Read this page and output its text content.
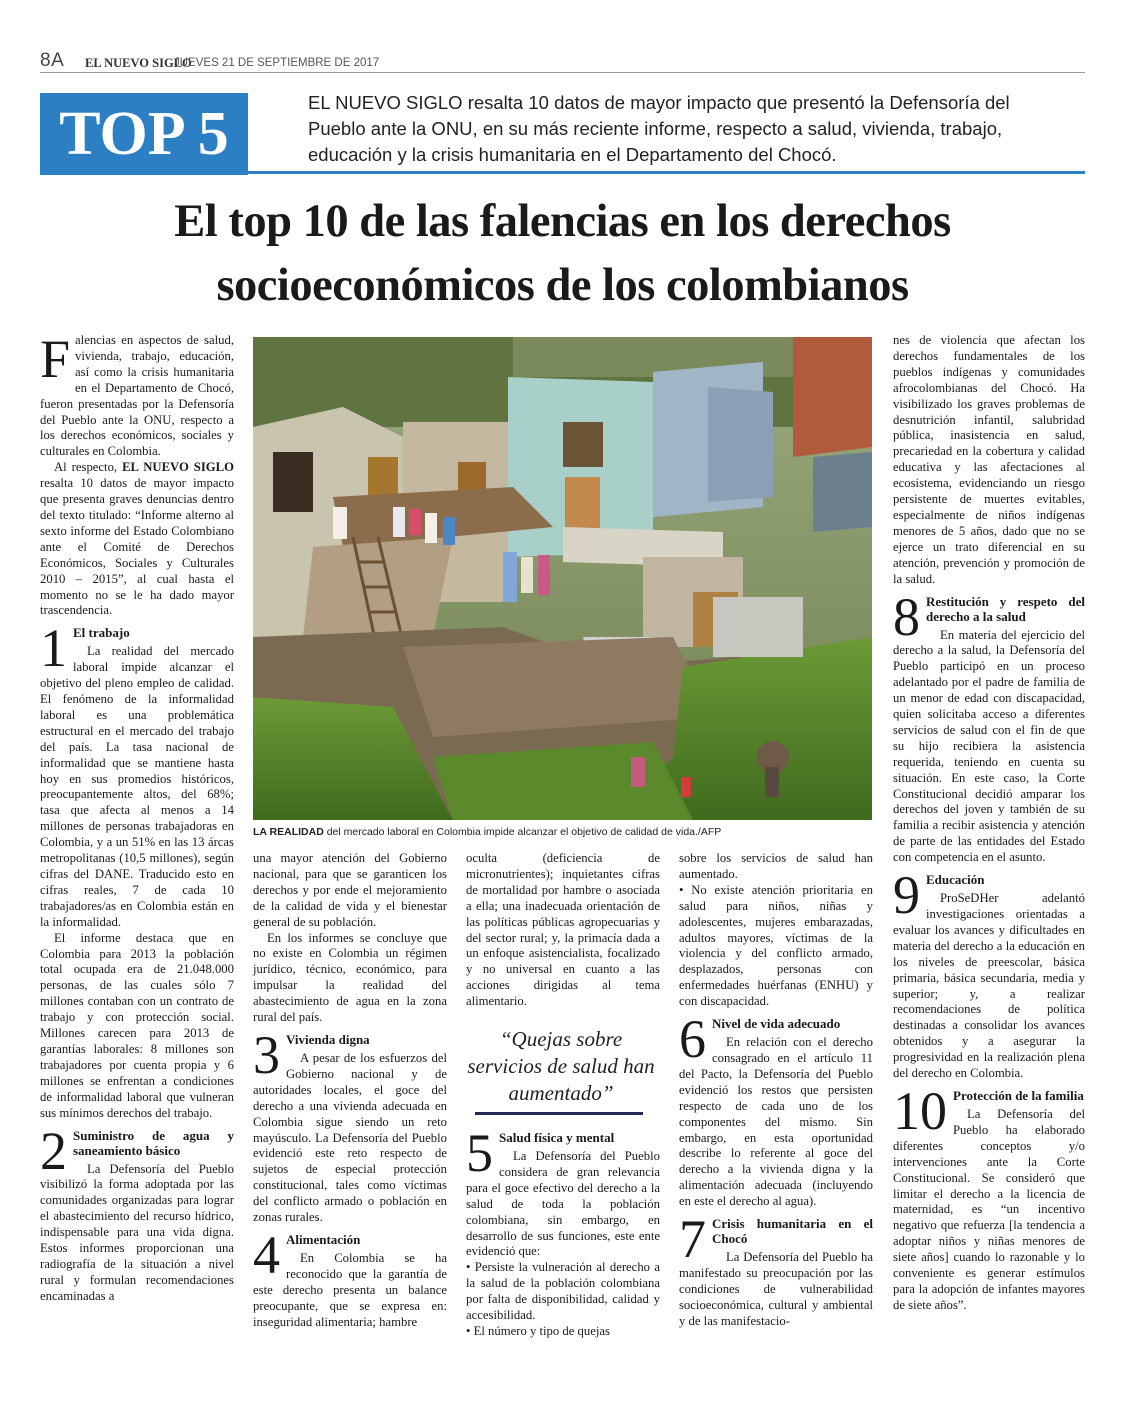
8A EL NUEVO SIGLO
JUEVES 21 DE SEPTIEMBRE DE 2017
TOP 5	EL NUEVO SIGLO resalta 10 datos de mayor impacto que presentó la Defensoría del Pueblo ante la ONU, en su más reciente informe, respecto a salud, vivienda, trabajo, educación y la crisis humanitaria en el Departamento del Chocó.
El top 10 de las falencias en los derechos
socioeconómicos de los colombianos

Falencias en aspectos de salud, vivienda, trabajo, educación, así como la crisis humanitaria en el Departamento de Chocó, fueron presentadas por la Defensoría del Pueblo ante la ONU, respecto a los derechos económicos, sociales y culturales en Colombia.

Al respecto, EL NUEVO SIGLO resalta 10 datos de mayor impacto que presenta graves denuncias dentro del texto titulado: “Informe alterno al sexto informe del Estado Colombiano ante el Comité de Derechos Económicos, Sociales y Culturales 2010 – 2015”, al cual hasta el momento no se le ha dado mayor trascendencia.

1 El trabajo

La realidad del mercado laboral impide alcanzar el objetivo del pleno empleo de calidad. El fenómeno de la informalidad laboral es una problemática estructural en el mercado del trabajo del país. La tasa nacional de informalidad que se mantiene hasta hoy en sus promedios históricos, preocupantemente altos, del 68%; tasa que afecta al menos a 14 millones de personas trabajadoras en Colombia, y a un 51% en las 13 árcas metropolitanas (10,5 millones), según cifras del DANE. Traducido esto en cifras reales, 7 de cada 10 trabajadores/as en Colombia están en la informalidad.

El informe destaca que en Colombia para 2013 la población total ocupada era de 21.048.000 personas, de las cuales sólo 7 millones contaban con un contrato de trabajo y con protección social. Millones carecen para 2013 de garantías laborales: 8 millones son trabajadores por cuenta propia y 6 millones se enfrentan a condiciones de informalidad laboral que vulneran sus mínimos derechos del trabajo.

2 Suministro de agua y saneamiento básico

La Defensoría del Pueblo visibilizó la forma adoptada por las comunidades organizadas para lograr el abastecimiento del recurso hídrico, indispensable para una vida digna. Estos informes proporcionan una radiografía de la situación a nivel rural y formulan recomendaciones encaminadas a

LA REALIDAD del mercado laboral en Colombia impide alcanzar el objetivo de calidad de vida./AFP

una mayor atención del Gobierno nacional, para que se garanticen los derechos y por ende el mejoramiento de la calidad de vida y el bienestar general de su población.

En los informes se concluye que no existe en Colombia un régimen jurídico, técnico, económico, para impulsar la realidad del abastecimiento de agua en la zona rural del país.

3 Vivienda digna

A pesar de los esfuerzos del Gobierno nacional y de autoridades locales, el goce del derecho a una vivienda adecuada en Colombia sigue siendo un reto mayúsculo. La Defensoría del Pueblo evidenció este reto respecto de sujetos de especial protección constitucional, tales como víctimas del conflicto armado o población en zonas rurales.

4 Alimentación

En Colombia se ha reconocido que la garantía de este derecho presenta un balance preocupante, que se expresa en: inseguridad alimentaria; hambre

oculta (deficiencia de micronutrientes); inquietantes cifras de mortalidad por hambre o asociada a ella; una inadecuada orientación de las políticas públicas agropecuarias y del sector rural; y, la primacía dada a un enfoque asistencialista, focalizado y no universal en cuanto a las acciones dirigidas al tema alimentario.

“Quejas sobre servicios de salud han aumentado”
5 Salud física y mental

La Defensoría del Pueblo considera de gran relevancia para el goce efectivo del derecho a la salud de toda la población colombiana, sin embargo, en desarrollo de sus funciones, este ente evidenció que:

• Persiste la vulneración al derecho a la salud de la población colombiana por falta de disponibilidad, calidad y accesibilidad.

• El número y tipo de quejas

sobre los servicios de salud han aumentado.

• No existe atención prioritaria en salud para niños, niñas y adolescentes, mujeres embarazadas, adultos mayores, víctimas de la violencia y del conflicto armado, desplazados, personas con enfermedades huérfanas (ENHU) y con discapacidad.

6 Nivel de vida adecuado

En relación con el derecho consagrado en el artículo 11 del Pacto, la Defensoría del Pueblo evidenció los restos que persisten respecto de cada uno de los componentes del mismo. Sin embargo, en esta oportunidad describe lo referente al goce del derecho a la vivienda digna y la alimentación adecuada (incluyendo en este el derecho al agua).

7 Crisis humanitaria en el Chocó

La Defensoría del Pueblo ha manifestado su preocupación por las condiciones de vulnerabilidad socioeconómica, cultural y ambiental y de las manifestacio-

nes de violencia que afectan los derechos fundamentales de los pueblos indígenas y comunidades afrocolombianas del Chocó. Ha visibilizado los graves problemas de desnutrición infantil, salubridad pública, inasistencia en salud, precariedad en la cobertura y calidad educativa y las afectaciones al ecosistema, evidenciando un riesgo persistente de muertes evitables, especialmente de niños indígenas menores de 5 años, dado que no se ejerce un trato diferencial en su atención, prevención y promoción de la salud.

8 Restitución y respeto del derecho a la salud

En materia del ejercicio del derecho a la salud, la Defensoría del Pueblo participó en un proceso adelantado por el padre de familia de un menor de edad con discapacidad, quien solicitaba acceso a diferentes servicios de salud con el fin de que su hijo recibiera la asistencia requerida, teniendo en cuenta su situación. En este caso, la Corte Constitucional decidió amparar los derechos del joven y también de su familia a recibir asistencia y atención de parte de las entidades del Estado con competencia en el asunto.

9 Educación

ProSeDHer adelantó investigaciones orientadas a evaluar los avances y dificultades en materia del derecho a la educación en los niveles de preescolar, básica primaria, básica secundaria, media y superior; y, a realizar recomendaciones de política destinadas a consolidar los avances obtenidos y a asegurar la progresividad en la realización plena del derecho en Colombia.

10 Protección de la familia

La Defensoría del Pueblo ha elaborado diferentes conceptos y/o intervenciones ante la Corte Constitucional. Se consideró que limitar el derecho a la licencia de maternidad, es “un incentivo negativo que refuerza [la tendencia a adoptar niños y niñas menores de siete años] cuando lo razonable y lo conveniente es generar estímulos para la adopción de infantes mayores de siete años”.
